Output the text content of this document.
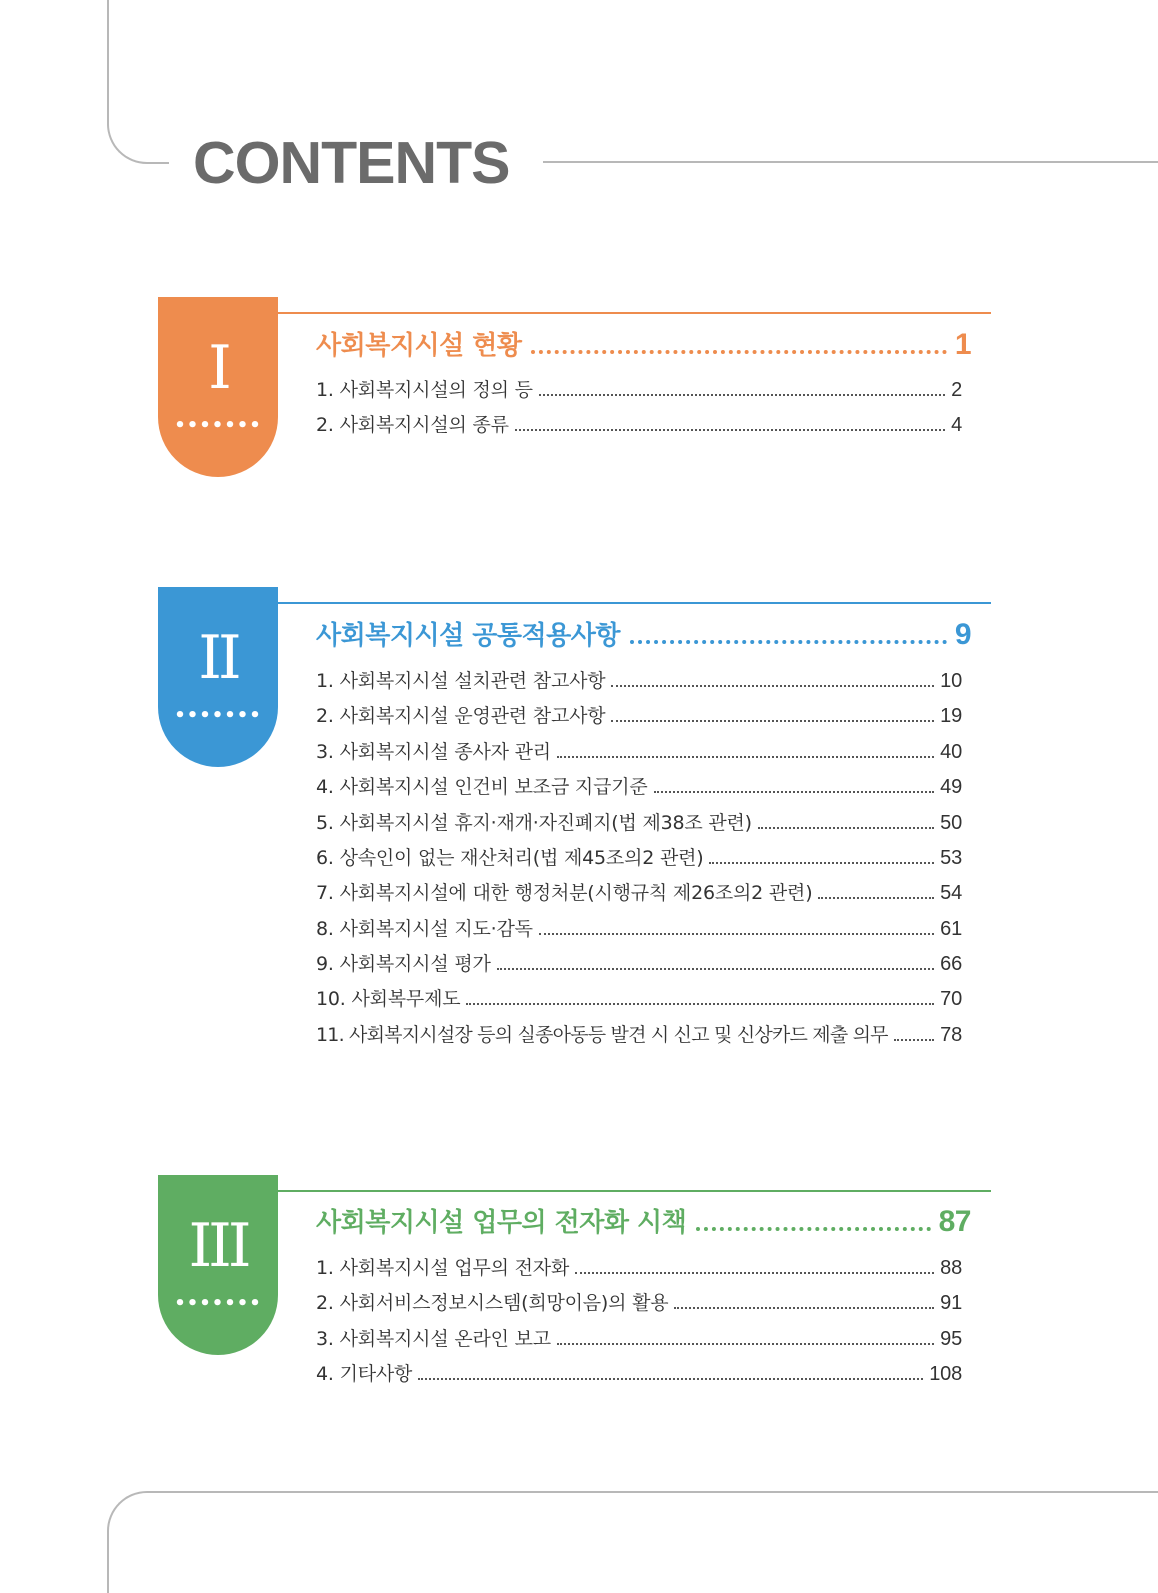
CONTENTS
I
•••••••
사회복지시설 현황	1
1. 사회복지시설의 정의 등	2
2. 사회복지시설의 종류	4
II
•••••••
사회복지시설 공통적용사항	9
1. 사회복지시설 설치관련 참고사항	10
2. 사회복지시설 운영관련 참고사항	19
3. 사회복지시설 종사자 관리	40
4. 사회복지시설 인건비 보조금 지급기준	49
5. 사회복지시설 휴지·재개·자진폐지(법 제38조 관련)	50
6. 상속인이 없는 재산처리(법 제45조의2 관련)	53
7. 사회복지시설에 대한 행정처분(시행규칙 제26조의2 관련)	54
8. 사회복지시설 지도·감독	61
9. 사회복지시설 평가	66
10. 사회복무제도	70
11. 사회복지시설장 등의 실종아동등 발견 시 신고 및 신상카드 제출 의무	78
III
•••••••
사회복지시설 업무의 전자화 시책	87
1. 사회복지시설 업무의 전자화	88
2. 사회서비스정보시스템(희망이음)의 활용	91
3. 사회복지시설 온라인 보고	95
4. 기타사항	108
